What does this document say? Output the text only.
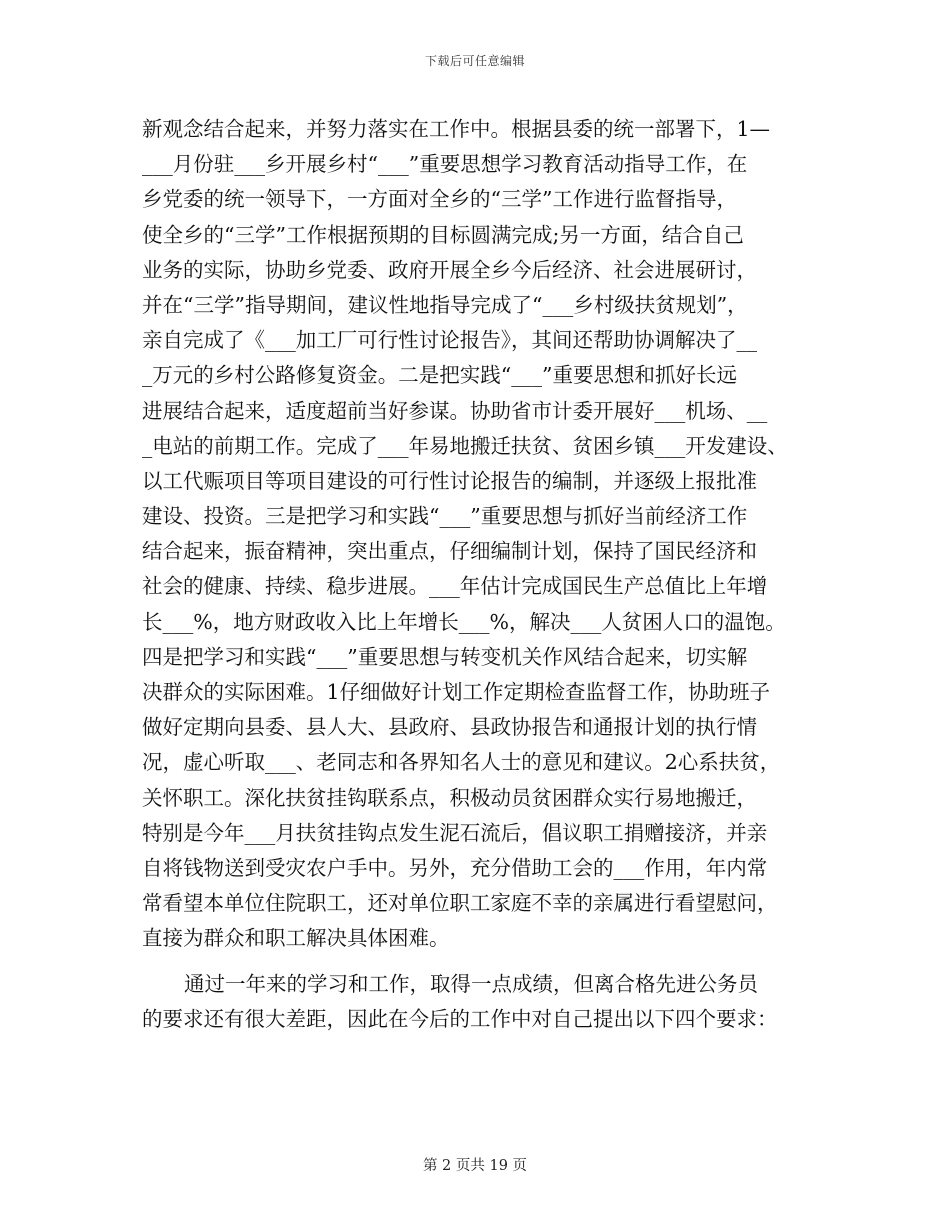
下载后可任意编辑
新观念结合起来，并努力落实在工作中。根据县委的统一部署下，1—
___月份驻___乡开展乡村“___”重要思想学习教育活动指导工作，在
乡党委的统一领导下，一方面对全乡的“三学”工作进行监督指导，
使全乡的“三学”工作根据预期的目标圆满完成;另一方面，结合自己
业务的实际，协助乡党委、政府开展全乡今后经济、社会进展研讨，
并在“三学”指导期间，建议性地指导完成了“___乡村级扶贫规划”，
亲自完成了《___加工厂可行性讨论报告》，其间还帮助协调解决了__
_万元的乡村公路修复资金。二是把实践“___”重要思想和抓好长远
进展结合起来，适度超前当好参谋。协助省市计委开展好___机场、__
_电站的前期工作。完成了___年易地搬迁扶贫、贫困乡镇___开发建设、
以工代赈项目等项目建设的可行性讨论报告的编制，并逐级上报批准
建设、投资。三是把学习和实践“___”重要思想与抓好当前经济工作
结合起来，振奋精神，突出重点，仔细编制计划，保持了国民经济和
社会的健康、持续、稳步进展。___年估计完成国民生产总值比上年增
长___%，地方财政收入比上年增长___%，解决___人贫困人口的温饱。
四是把学习和实践“___”重要思想与转变机关作风结合起来，切实解
决群众的实际困难。1仔细做好计划工作定期检查监督工作，协助班子
做好定期向县委、县人大、县政府、县政协报告和通报计划的执行情
况，虚心听取___、老同志和各界知名人士的意见和建议。2心系扶贫，
关怀职工。深化扶贫挂钩联系点，积极动员贫困群众实行易地搬迁，
特别是今年___月扶贫挂钩点发生泥石流后，倡议职工捐赠接济，并亲
自将钱物送到受灾农户手中。另外，充分借助工会的___作用，年内常
常看望本单位住院职工，还对单位职工家庭不幸的亲属进行看望慰问，
直接为群众和职工解决具体困难。
通过一年来的学习和工作，取得一点成绩，但离合格先进公务员
的要求还有很大差距，因此在今后的工作中对自己提出以下四个要求：
第 2 页共 19 页
